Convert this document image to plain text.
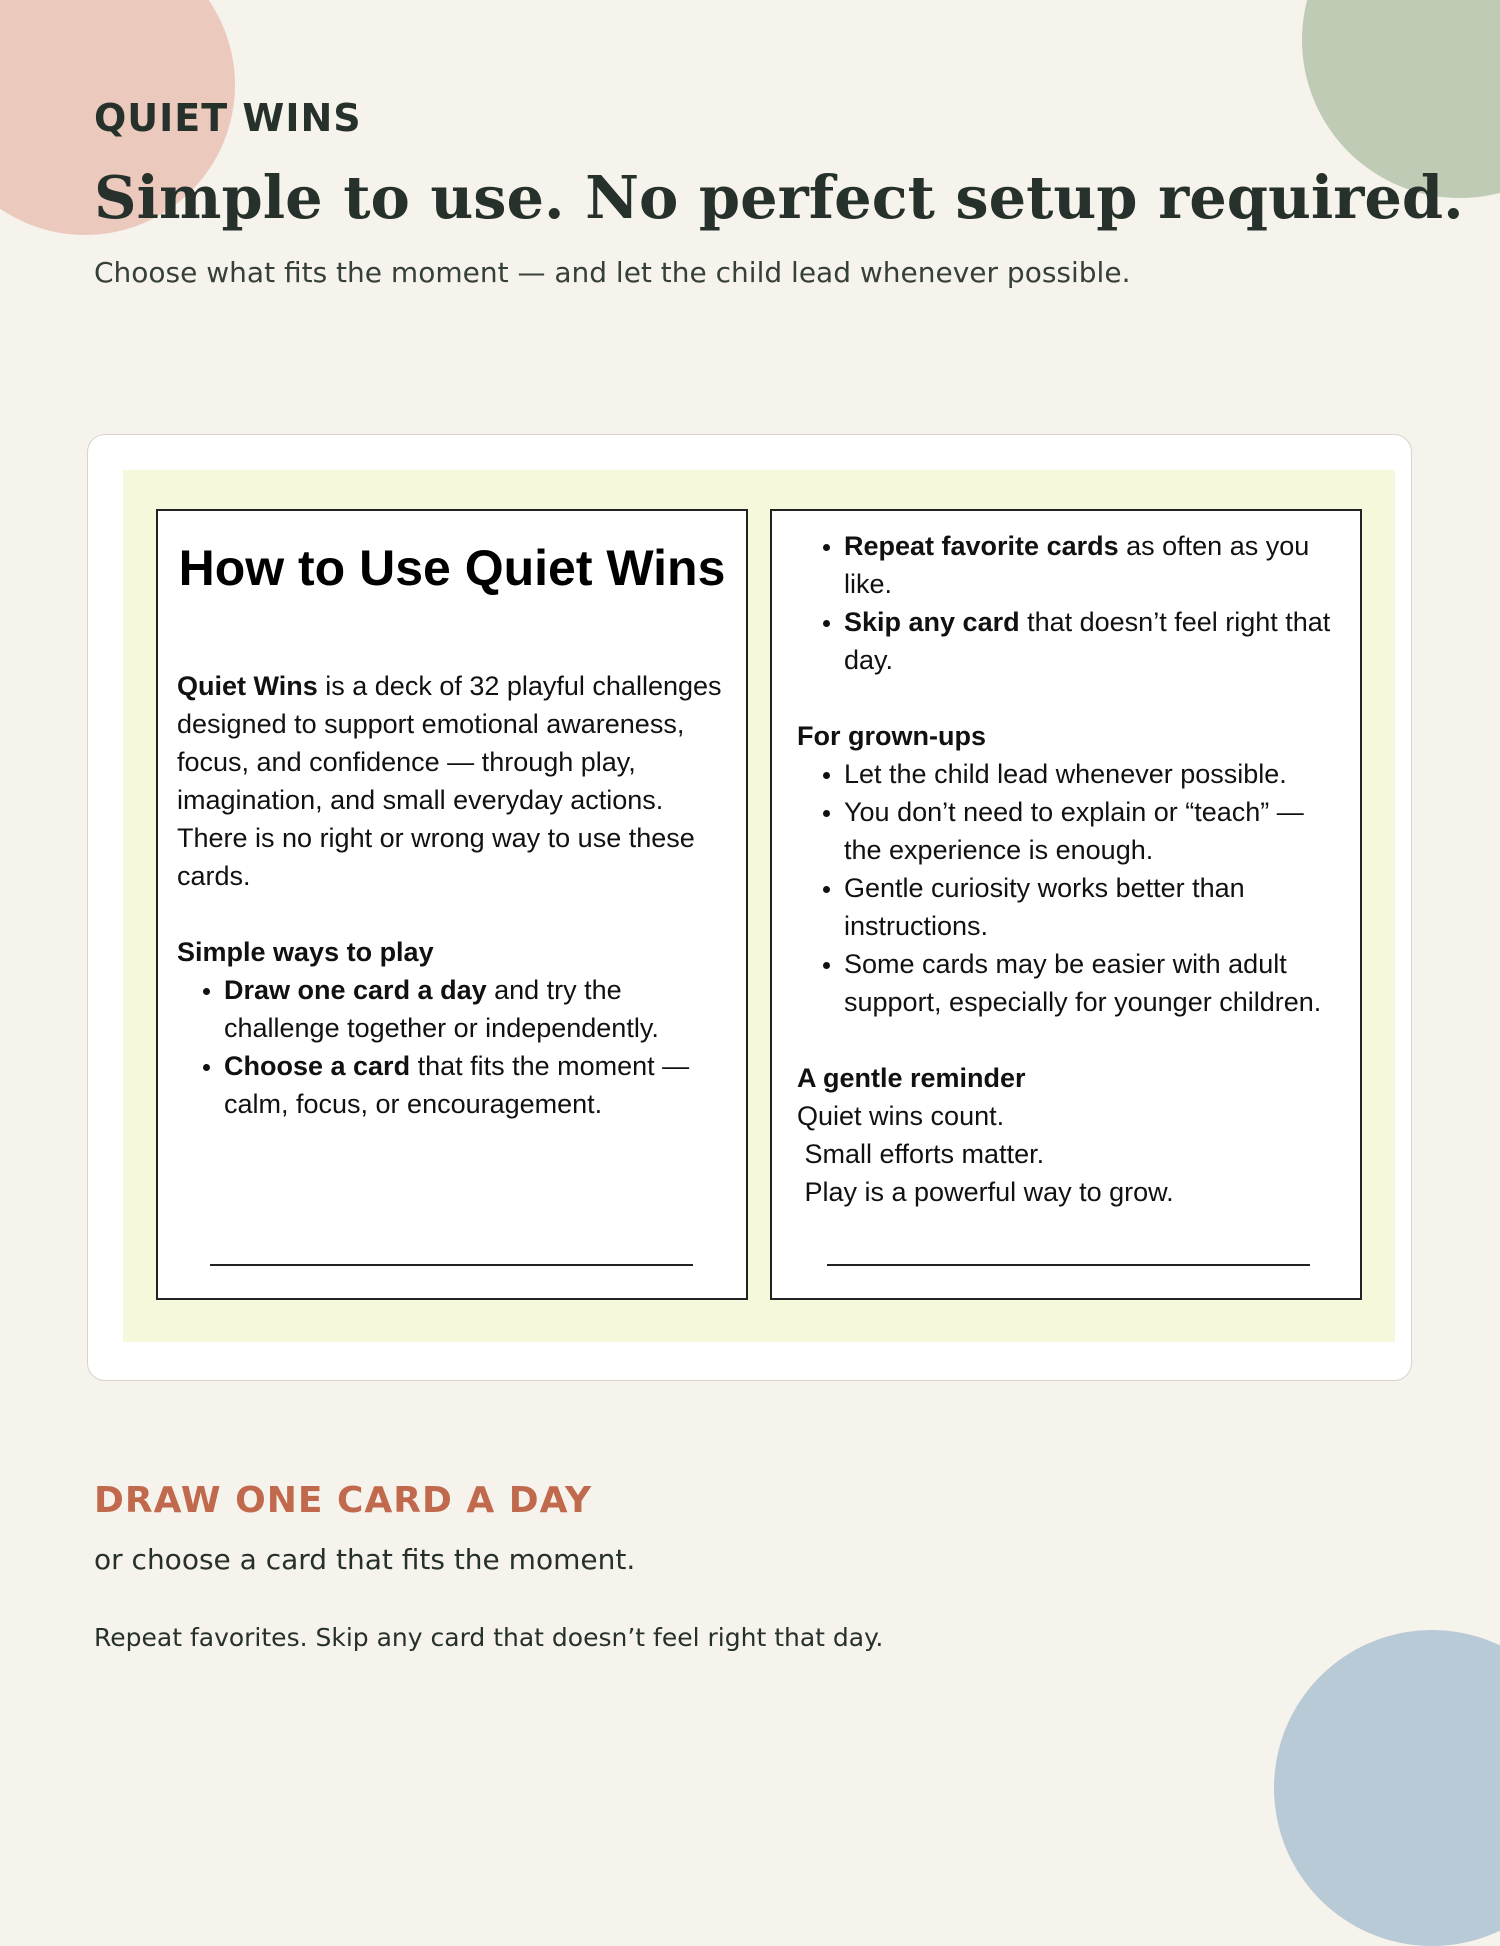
QUIET WINS
Simple to use. No perfect setup required.

Choose what fits the moment — and let the child lead whenever possible.

How to Use Quiet Wins

Quiet Wins is a deck of 32 playful challenges designed to support emotional awareness, focus, and confidence — through play, imagination, and small everyday actions.

There is no right or wrong way to use these cards.

Simple ways to play

• Draw one card a day and try the challenge together or independently.
• Choose a card that fits the moment — calm, focus, or encouragement.
• Repeat favorite cards as often as you like.
• Skip any card that doesn’t feel right that day.

For grown-ups

• Let the child lead whenever possible.
• You don’t need to explain or “teach” — the experience is enough.
• Gentle curiosity works better than instructions.
• Some cards may be easier with adult support, especially for younger children.

A gentle reminder

Quiet wins count.

Small efforts matter.

Play is a powerful way to grow.

DRAW ONE CARD A DAY

or choose a card that fits the moment.

Repeat favorites. Skip any card that doesn’t feel right that day.
